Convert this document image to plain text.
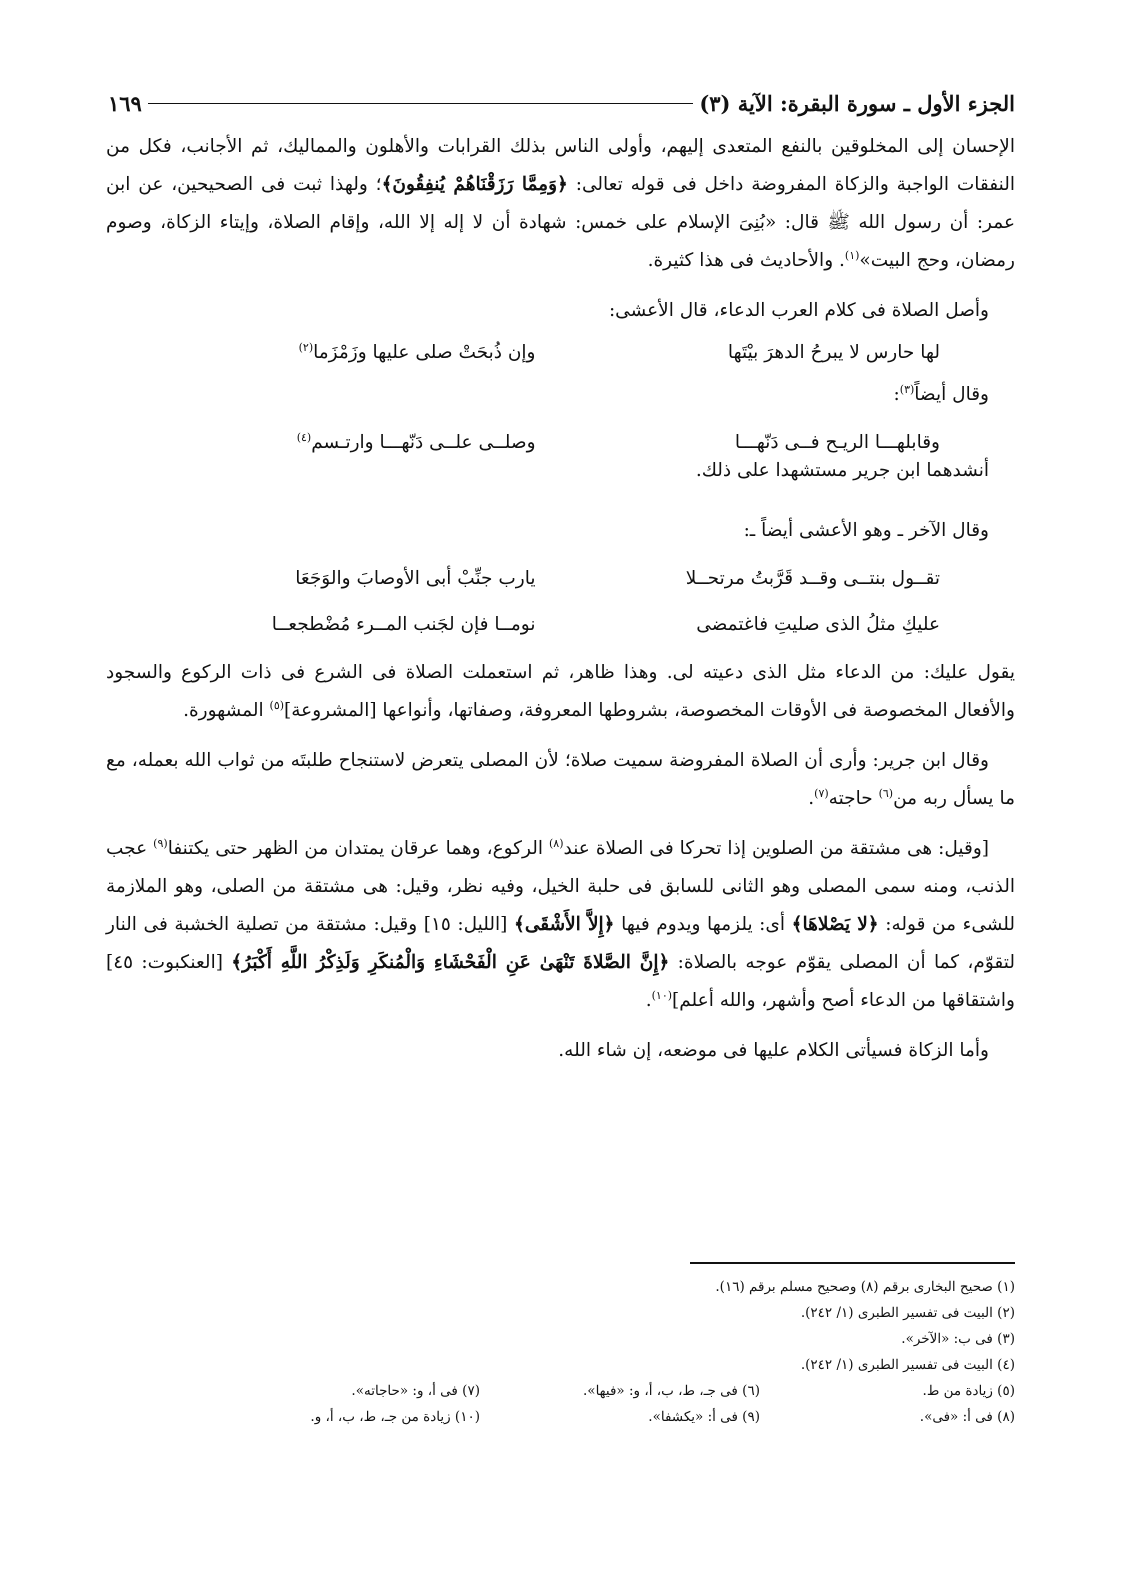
الجزء الأول ـ سورة البقرة: الآية (٣)
١٦٩

الإحسان إلى المخلوقين بالنفع المتعدى إليهم، وأولى الناس بذلك القرابات والأهلون والمماليك، ثم الأجانب، فكل من النفقات الواجبة والزكاة المفروضة داخل فى قوله تعالى: ﴿وَمِمَّا رَزَقْنَاهُمْ يُنفِقُونَ﴾؛ ولهذا ثبت فى الصحيحين، عن ابن عمر: أن رسول الله ﷺ قال: «بُنِىَ الإسلام على خمس: شهادة أن لا إله إلا الله، وإقام الصلاة، وإيتاء الزكاة، وصوم رمضان، وحج البيت»$^{(١)}$. والأحاديث فى هذا كثيرة.

وأصل الصلاة فى كلام العرب الدعاء، قال الأعشى:

لها حارس لا يبرحُ الدهرَ بيْتَها
وإن ذُبحَتْ صلى عليها وزَمْزَما$^{(٢)}$

وقال أيضاً$^{(٣)}$:

وقابلهـــا الريـح فــى دَنّهـــا
وصلــى علــى دَنّهـــا وارتـسم$^{(٤)}$

أنشدهما ابن جرير مستشهدا على ذلك.

وقال الآخر ـ وهو الأعشى أيضاً ـ:

تقــول بنتــى وقــد قَرَّبتُ مرتحــلا
يارب جنِّبْ أبى الأوصابَ والوَجَعَا
عليكِ مثلُ الذى صليتِ فاغتمضى
نومــا فإن لجَنب المــرء مُضْطجعــا

يقول عليك: من الدعاء مثل الذى دعيته لى. وهذا ظاهر، ثم استعملت الصلاة فى الشرع فى ذات الركوع والسجود والأفعال المخصوصة فى الأوقات المخصوصة، بشروطها المعروفة، وصفاتها، وأنواعها [المشروعة]$^{(٥)}$ المشهورة.

وقال ابن جرير: وأرى أن الصلاة المفروضة سميت صلاة؛ لأن المصلى يتعرض لاستنجاح طلبتَه من ثواب الله بعمله، مع ما يسأل ربه من$^{(٦)}$ حاجته$^{(٧)}$.

[وقيل: هى مشتقة من الصلوين إذا تحركا فى الصلاة عند$^{(٨)}$ الركوع، وهما عرقان يمتدان من الظهر حتى يكتنفا$^{(٩)}$ عجب الذنب، ومنه سمى المصلى وهو الثانى للسابق فى حلبة الخيل، وفيه نظر، وقيل: هى مشتقة من الصلى، وهو الملازمة للشىء من قوله: ﴿لا يَصْلاهَا﴾ أى: يلزمها ويدوم فيها ﴿إِلاَّ الأَشْقَى﴾ [الليل: ١٥] وقيل: مشتقة من تصلية الخشبة فى النار لتقوّم، كما أن المصلى يقوّم عوجه بالصلاة: ﴿إِنَّ الصَّلاةَ تَنْهَىٰ عَنِ الْفَحْشَاءِ وَالْمُنكَرِ وَلَذِكْرُ اللَّهِ أَكْبَرُ﴾ [العنكبوت: ٤٥] واشتقاقها من الدعاء أصح وأشهر، والله أعلم]$^{(١٠)}$.

وأما الزكاة فسيأتى الكلام عليها فى موضعه، إن شاء الله.

(١) صحيح البخارى برقم (٨) وصحيح مسلم برقم (١٦).
(٢) البيت فى تفسير الطبرى (١/ ٢٤٢).
(٣) فى ب: «الآخر».
(٤) البيت فى تفسير الطبرى (١/ ٢٤٢).
(٥) زيادة من ط.
(٦) فى جـ، ط، ب، أ، و: «فيها».
(٧) فى أ، و: «حاجاته».
(٨) فى أ: «فى».
(٩) فى أ: «يكشفا».
(١٠) زيادة من جـ، ط، ب، أ، و.
